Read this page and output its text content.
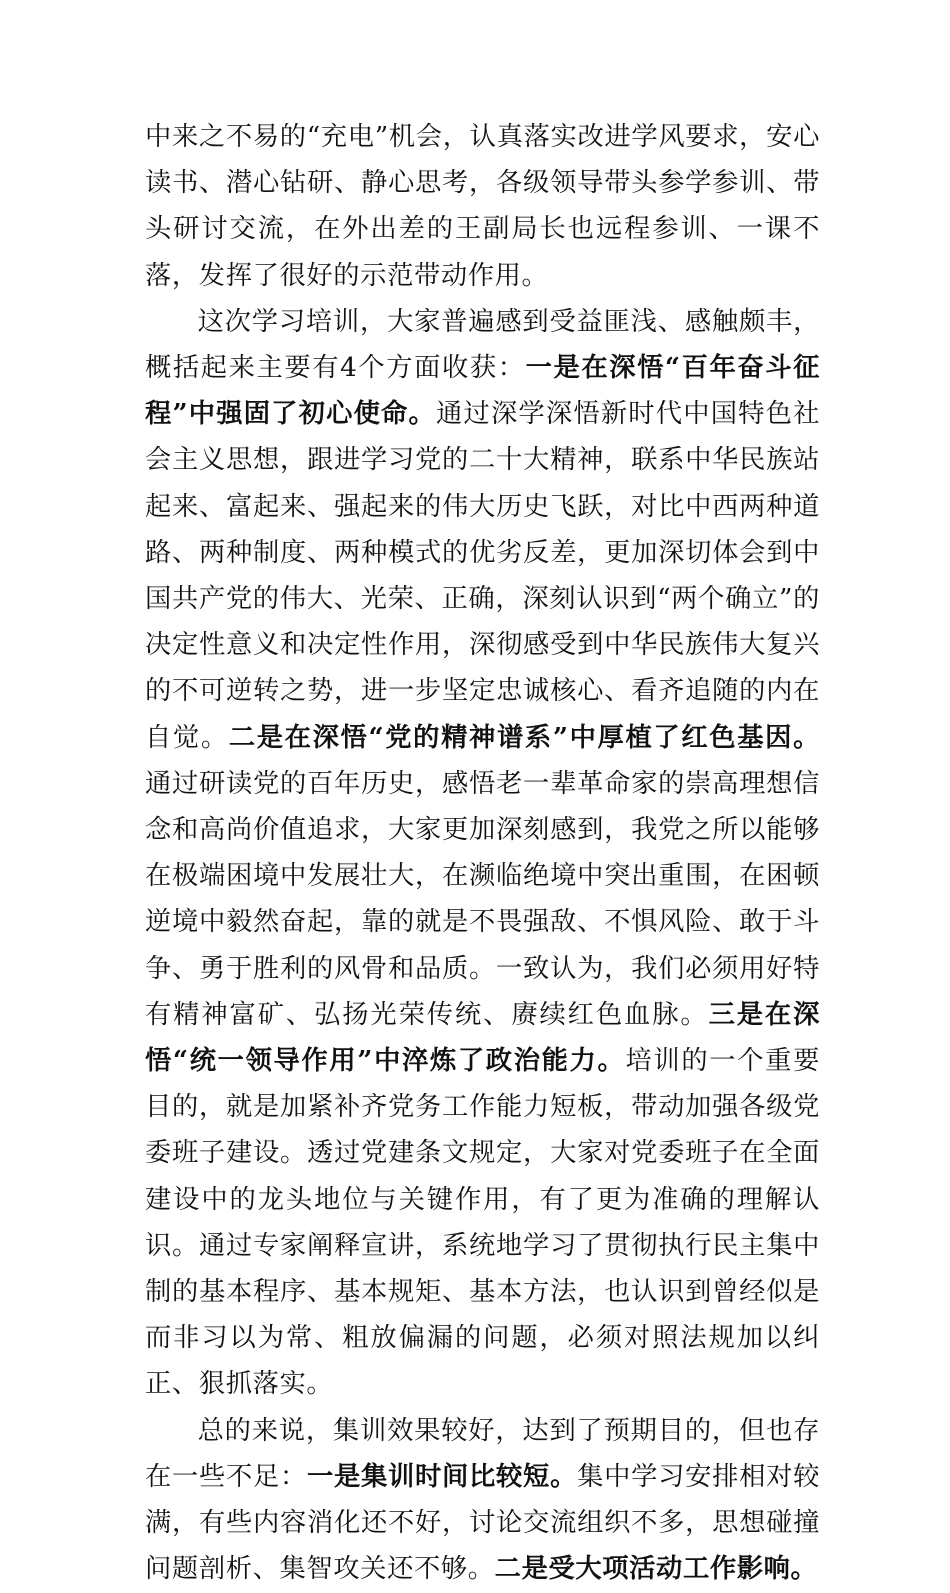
中来之不易的“充电”机会，认真落实改进学风要求，安心读书、潜心钻研、静心思考，各级领导带头参学参训、带头研讨交流，在外出差的王副局长也远程参训、一课不落，发挥了很好的示范带动作用。

这次学习培训，大家普遍感到受益匪浅、感触颇丰，概括起来主要有4个方面收获：一是在深悟“百年奋斗征程”中强固了初心使命。通过深学深悟新时代中国特色社会主义思想，跟进学习党的二十大精神，联系中华民族站起来、富起来、强起来的伟大历史飞跃，对比中西两种道路、两种制度、两种模式的优劣反差，更加深切体会到中国共产党的伟大、光荣、正确，深刻认识到“两个确立”的决定性意义和决定性作用，深彻感受到中华民族伟大复兴的不可逆转之势，进一步坚定忠诚核心、看齐追随的内在自觉。二是在深悟“党的精神谱系”中厚植了红色基因。通过研读党的百年历史，感悟老一辈革命家的崇高理想信念和高尚价值追求，大家更加深刻感到，我党之所以能够在极端困境中发展壮大，在濒临绝境中突出重围，在困顿逆境中毅然奋起，靠的就是不畏强敌、不惧风险、敢于斗争、勇于胜利的风骨和品质。一致认为，我们必须用好特有精神富矿、弘扬光荣传统、赓续红色血脉。三是在深悟“统一领导作用”中淬炼了政治能力。培训的一个重要目的，就是加紧补齐党务工作能力短板，带动加强各级党委班子建设。透过党建条文规定，大家对党委班子在全面建设中的龙头地位与关键作用，有了更为准确的理解认识。通过专家阐释宣讲，系统地学习了贯彻执行民主集中制的基本程序、基本规矩、基本方法，也认识到曾经似是而非习以为常、粗放偏漏的问题，必须对照法规加以纠正、狠抓落实。

总的来说，集训效果较好，达到了预期目的，但也存在一些不足：一是集训时间比较短。集中学习安排相对较满，有些内容消化还不好，讨论交流组织不多，思想碰撞问题剖析、集智攻关还不够。二是受大项活动工作影响。
